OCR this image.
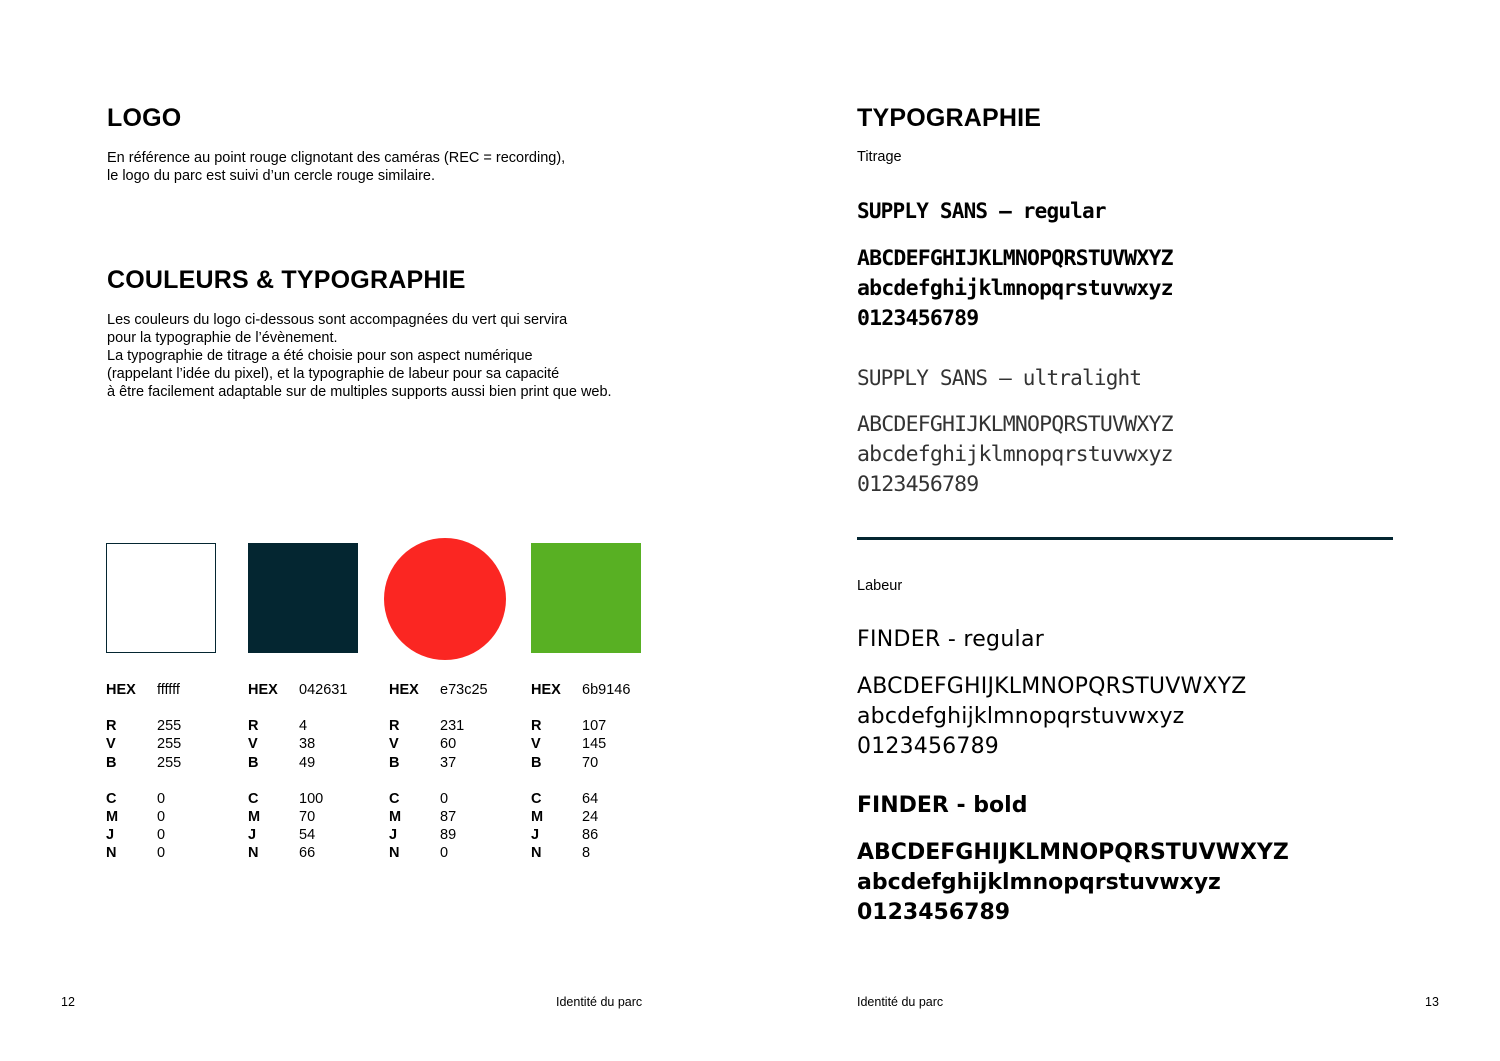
LOGO
En référence au point rouge clignotant des caméras (REC = recording),
le logo du parc est suivi d’un cercle rouge similaire.
COULEURS & TYPOGRAPHIE
Les couleurs du logo ci-dessous sont accompagnées du vert qui servira
pour la typographie de l’évènement.
La typographie de titrage a été choisie pour son aspect numérique
(rappelant l’idée du pixel), et la typographie de labeur pour sa capacité
à être facilement adaptable sur de multiples supports aussi bien print que web.
HEX	ffffff
R	255
V	255
B	255
C	0
M	0
J	0
N	0
HEX	042631
R	4
V	38
B	49
C	100
M	70
J	54
N	66
HEX	e73c25
R	231
V	60
B	37
C	0
M	87
J	89
N	0
HEX	6b9146
R	107
V	145
B	70
C	64
M	24
J	86
N	8
12	Identité du parc
TYPOGRAPHIE
Titrage
SUPPLY SANS – regular
ABCDEFGHIJKLMNOPQRSTUVWXYZ
abcdefghijklmnopqrstuvwxyz
0123456789
SUPPLY SANS – ultralight
ABCDEFGHIJKLMNOPQRSTUVWXYZ
abcdefghijklmnopqrstuvwxyz
0123456789
Labeur
FINDER - regular
ABCDEFGHIJKLMNOPQRSTUVWXYZ
abcdefghijklmnopqrstuvwxyz
0123456789
FINDER - bold
ABCDEFGHIJKLMNOPQRSTUVWXYZ
abcdefghijklmnopqrstuvwxyz
0123456789
Identité du parc	13
